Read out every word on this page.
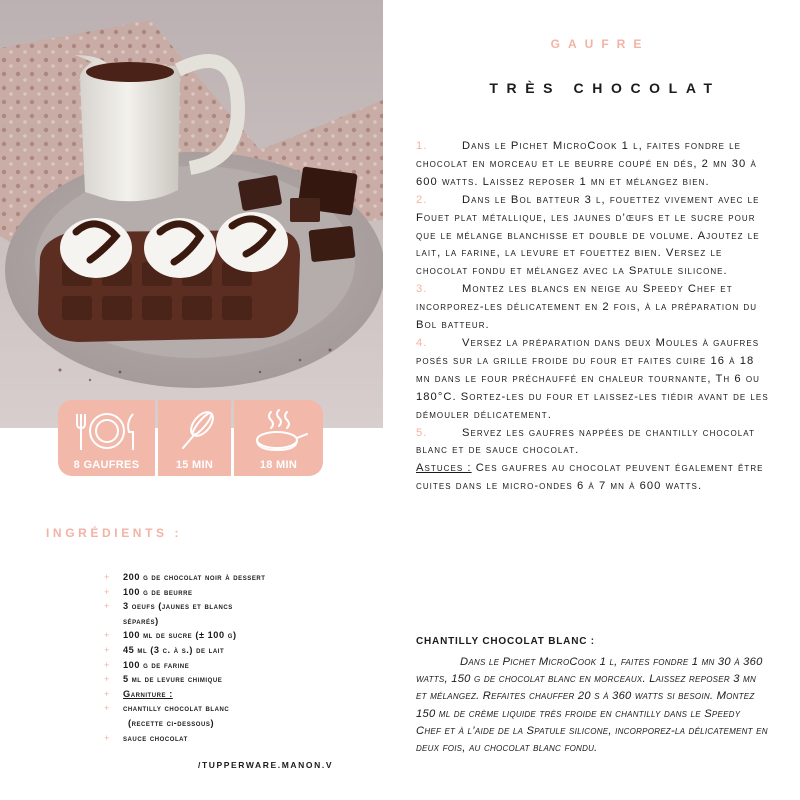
8 GAUFRES	15 MIN	18 MIN
GAUFRE
TRÈS CHOCOLAT
1.	Dans le Pichet MicroCook 1 l, faites fondre le chocolat en morceau et le beurre coupé en dés, 2 mn 30 à 600 watts. Laissez reposer 1 mn et mélangez bien.
2.	Dans le Bol batteur 3 l, fouettez vivement avec le Fouet plat métallique, les jaunes d’œufs et le sucre pour que le mélange blanchisse et double de volume. Ajoutez le lait, la farine, la levure et fouettez bien. Versez le chocolat fondu et mélangez avec la Spatule silicone.
3.	Montez les blancs en neige au Speedy Chef et incorporez-les délicatement en 2 fois, à la préparation du Bol batteur.
4.	Versez la préparation dans deux Moules à gaufres posés sur la grille froide du four et faites cuire 16 à 18 mn dans le four préchauffé en chaleur tournante, Th 6 ou 180°C. Sortez-les du four et laissez-les tiédir avant de les démouler délicatement.
5.	Servez les gaufres nappées de chantilly chocolat blanc et de sauce chocolat.
Astuces : Ces gaufres au chocolat peuvent également être cuites dans le micro-ondes 6 à 7 mn à 600 watts.
CHANTILLY CHOCOLAT BLANC :
Dans le Pichet MicroCook 1 l, faites fondre 1 mn 30 à 360 watts, 150 g de chocolat blanc en morceaux. Laissez reposer 3 mn et mélangez. Refaites chauffer 20 s à 360 watts si besoin. Montez 150 ml de crème liquide très froide en chantilly dans le Speedy Chef et à l’aide de la Spatule silicone, incorporez-la délicatement en deux fois, au chocolat blanc fondu.
INGRÉDIENTS :
+ 200 g de chocolat noir à dessert
+ 100 g de beurre
+ 3 oeufs (jaunes et blancs
séparés)
+ 100 ml de sucre (± 100 g)
+ 45 ml (3 c. à s.) de lait
+ 100 g de farine
+ 5 ml de levure chimique
+ Garniture :
+ chantilly chocolat blanc
(recette ci-dessous)
+ sauce chocolat
/TUPPERWARE.MANON.V
